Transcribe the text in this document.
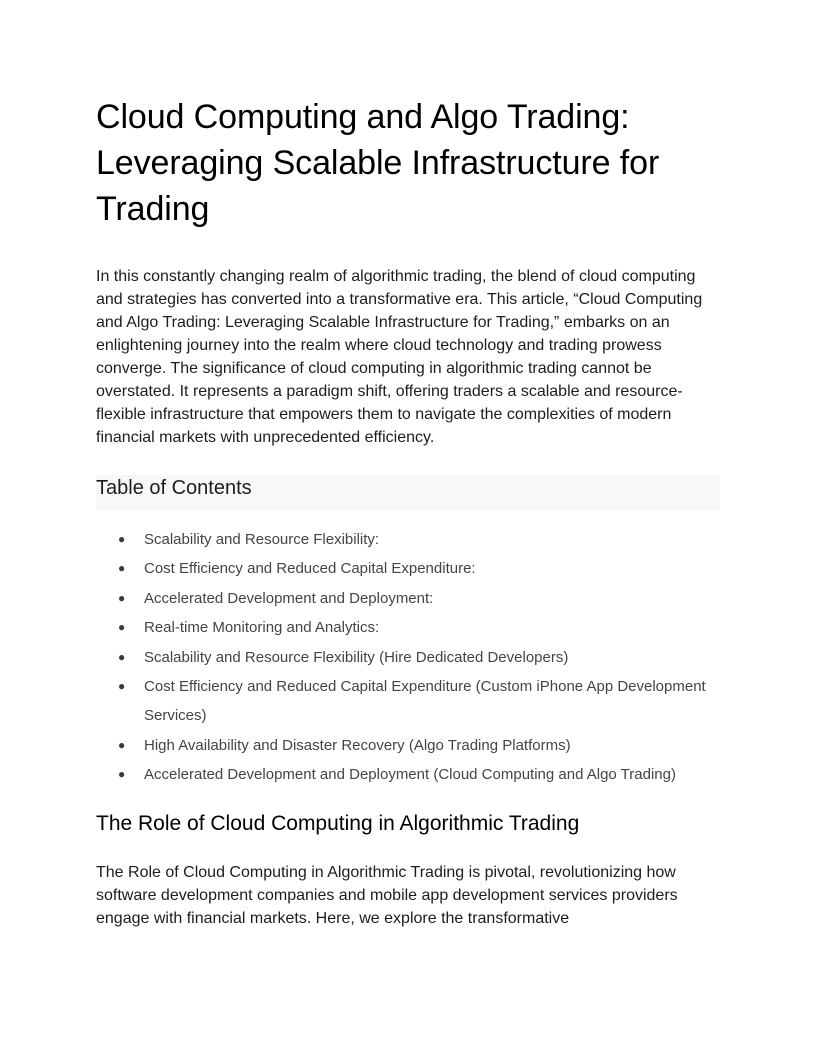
Cloud Computing and Algo Trading: Leveraging Scalable Infrastructure for Trading

In this constantly changing realm of algorithmic trading, the blend of cloud computing and strategies has converted into a transformative era. This article, “Cloud Computing and Algo Trading: Leveraging Scalable Infrastructure for Trading,” embarks on an enlightening journey into the realm where cloud technology and trading prowess converge. The significance of cloud computing in algorithmic trading cannot be overstated. It represents a paradigm shift, offering traders a scalable and resource-flexible infrastructure that empowers them to navigate the complexities of modern financial markets with unprecedented efficiency.

Table of Contents
● Scalability and Resource Flexibility:
● Cost Efficiency and Reduced Capital Expenditure:
● Accelerated Development and Deployment:
● Real-time Monitoring and Analytics:
● Scalability and Resource Flexibility (Hire Dedicated Developers)
● Cost Efficiency and Reduced Capital Expenditure (Custom iPhone App Development Services)
● High Availability and Disaster Recovery (Algo Trading Platforms)
● Accelerated Development and Deployment (Cloud Computing and Algo Trading)
The Role of Cloud Computing in Algorithmic Trading

The Role of Cloud Computing in Algorithmic Trading is pivotal, revolutionizing how software development companies and mobile app development services providers engage with financial markets. Here, we explore the transformative
